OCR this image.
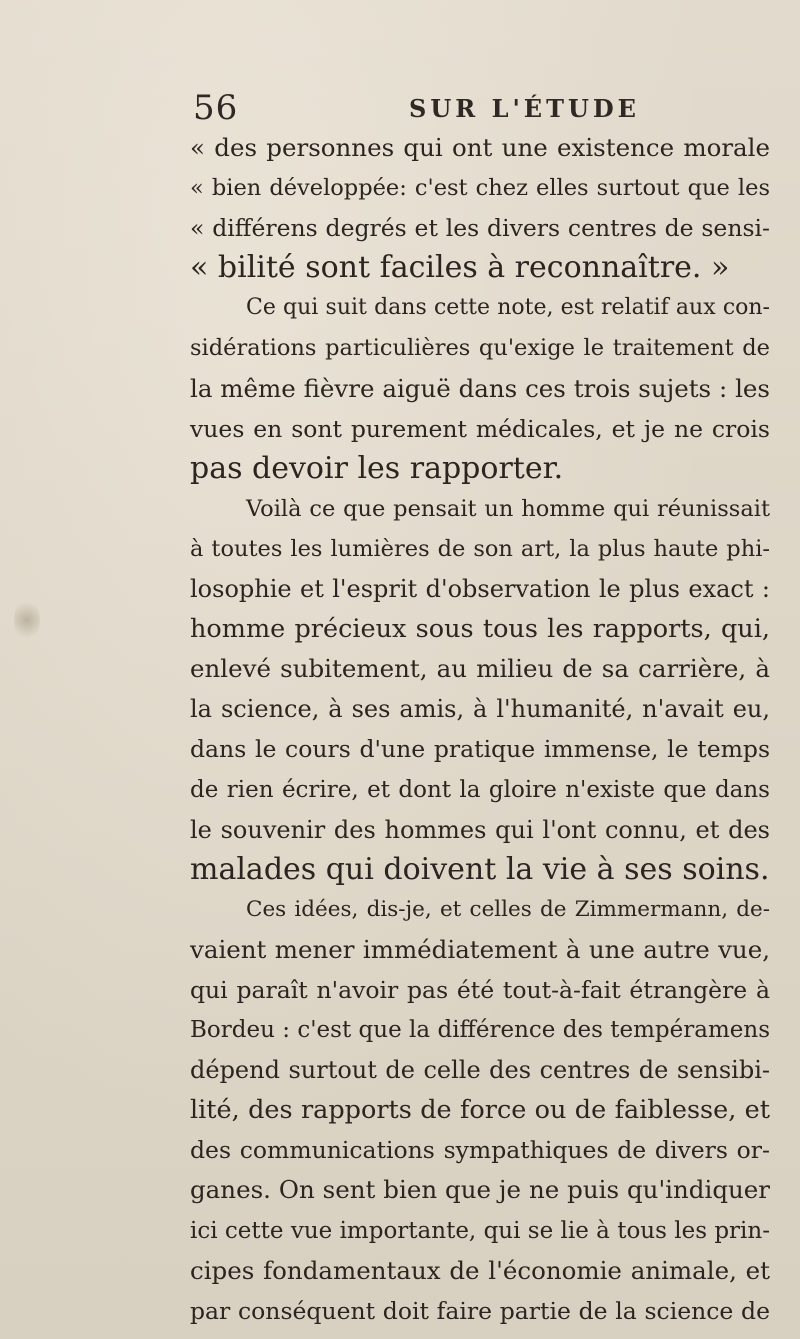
56	SUR L'ÉTUDE
« des personnes qui ont une existence morale
« bien développée: c'est chez elles surtout que les
« différens degrés et les divers centres de sensi-
« bilité sont faciles à reconnaître. »
Ce qui suit dans cette note, est relatif aux con-
sidérations particulières qu'exige le traitement de
la même fièvre aiguë dans ces trois sujets : les
vues en sont purement médicales, et je ne crois
pas devoir les rapporter.
Voilà ce que pensait un homme qui réunissait
à toutes les lumières de son art, la plus haute phi-
losophie et l'esprit d'observation le plus exact :
homme précieux sous tous les rapports, qui,
enlevé subitement, au milieu de sa carrière, à
la science, à ses amis, à l'humanité, n'avait eu,
dans le cours d'une pratique immense, le temps
de rien écrire, et dont la gloire n'existe que dans
le souvenir des hommes qui l'ont connu, et des
malades qui doivent la vie à ses soins.
Ces idées, dis-je, et celles de Zimmermann, de-
vaient mener immédiatement à une autre vue,
qui paraît n'avoir pas été tout-à-fait étrangère à
Bordeu : c'est que la différence des tempéramens
dépend surtout de celle des centres de sensibi-
lité, des rapports de force ou de faiblesse, et
des communications sympathiques de divers or-
ganes. On sent bien que je ne puis qu'indiquer
ici cette vue importante, qui se lie à tous les prin-
cipes fondamentaux de l'économie animale, et
par conséquent doit faire partie de la science de
